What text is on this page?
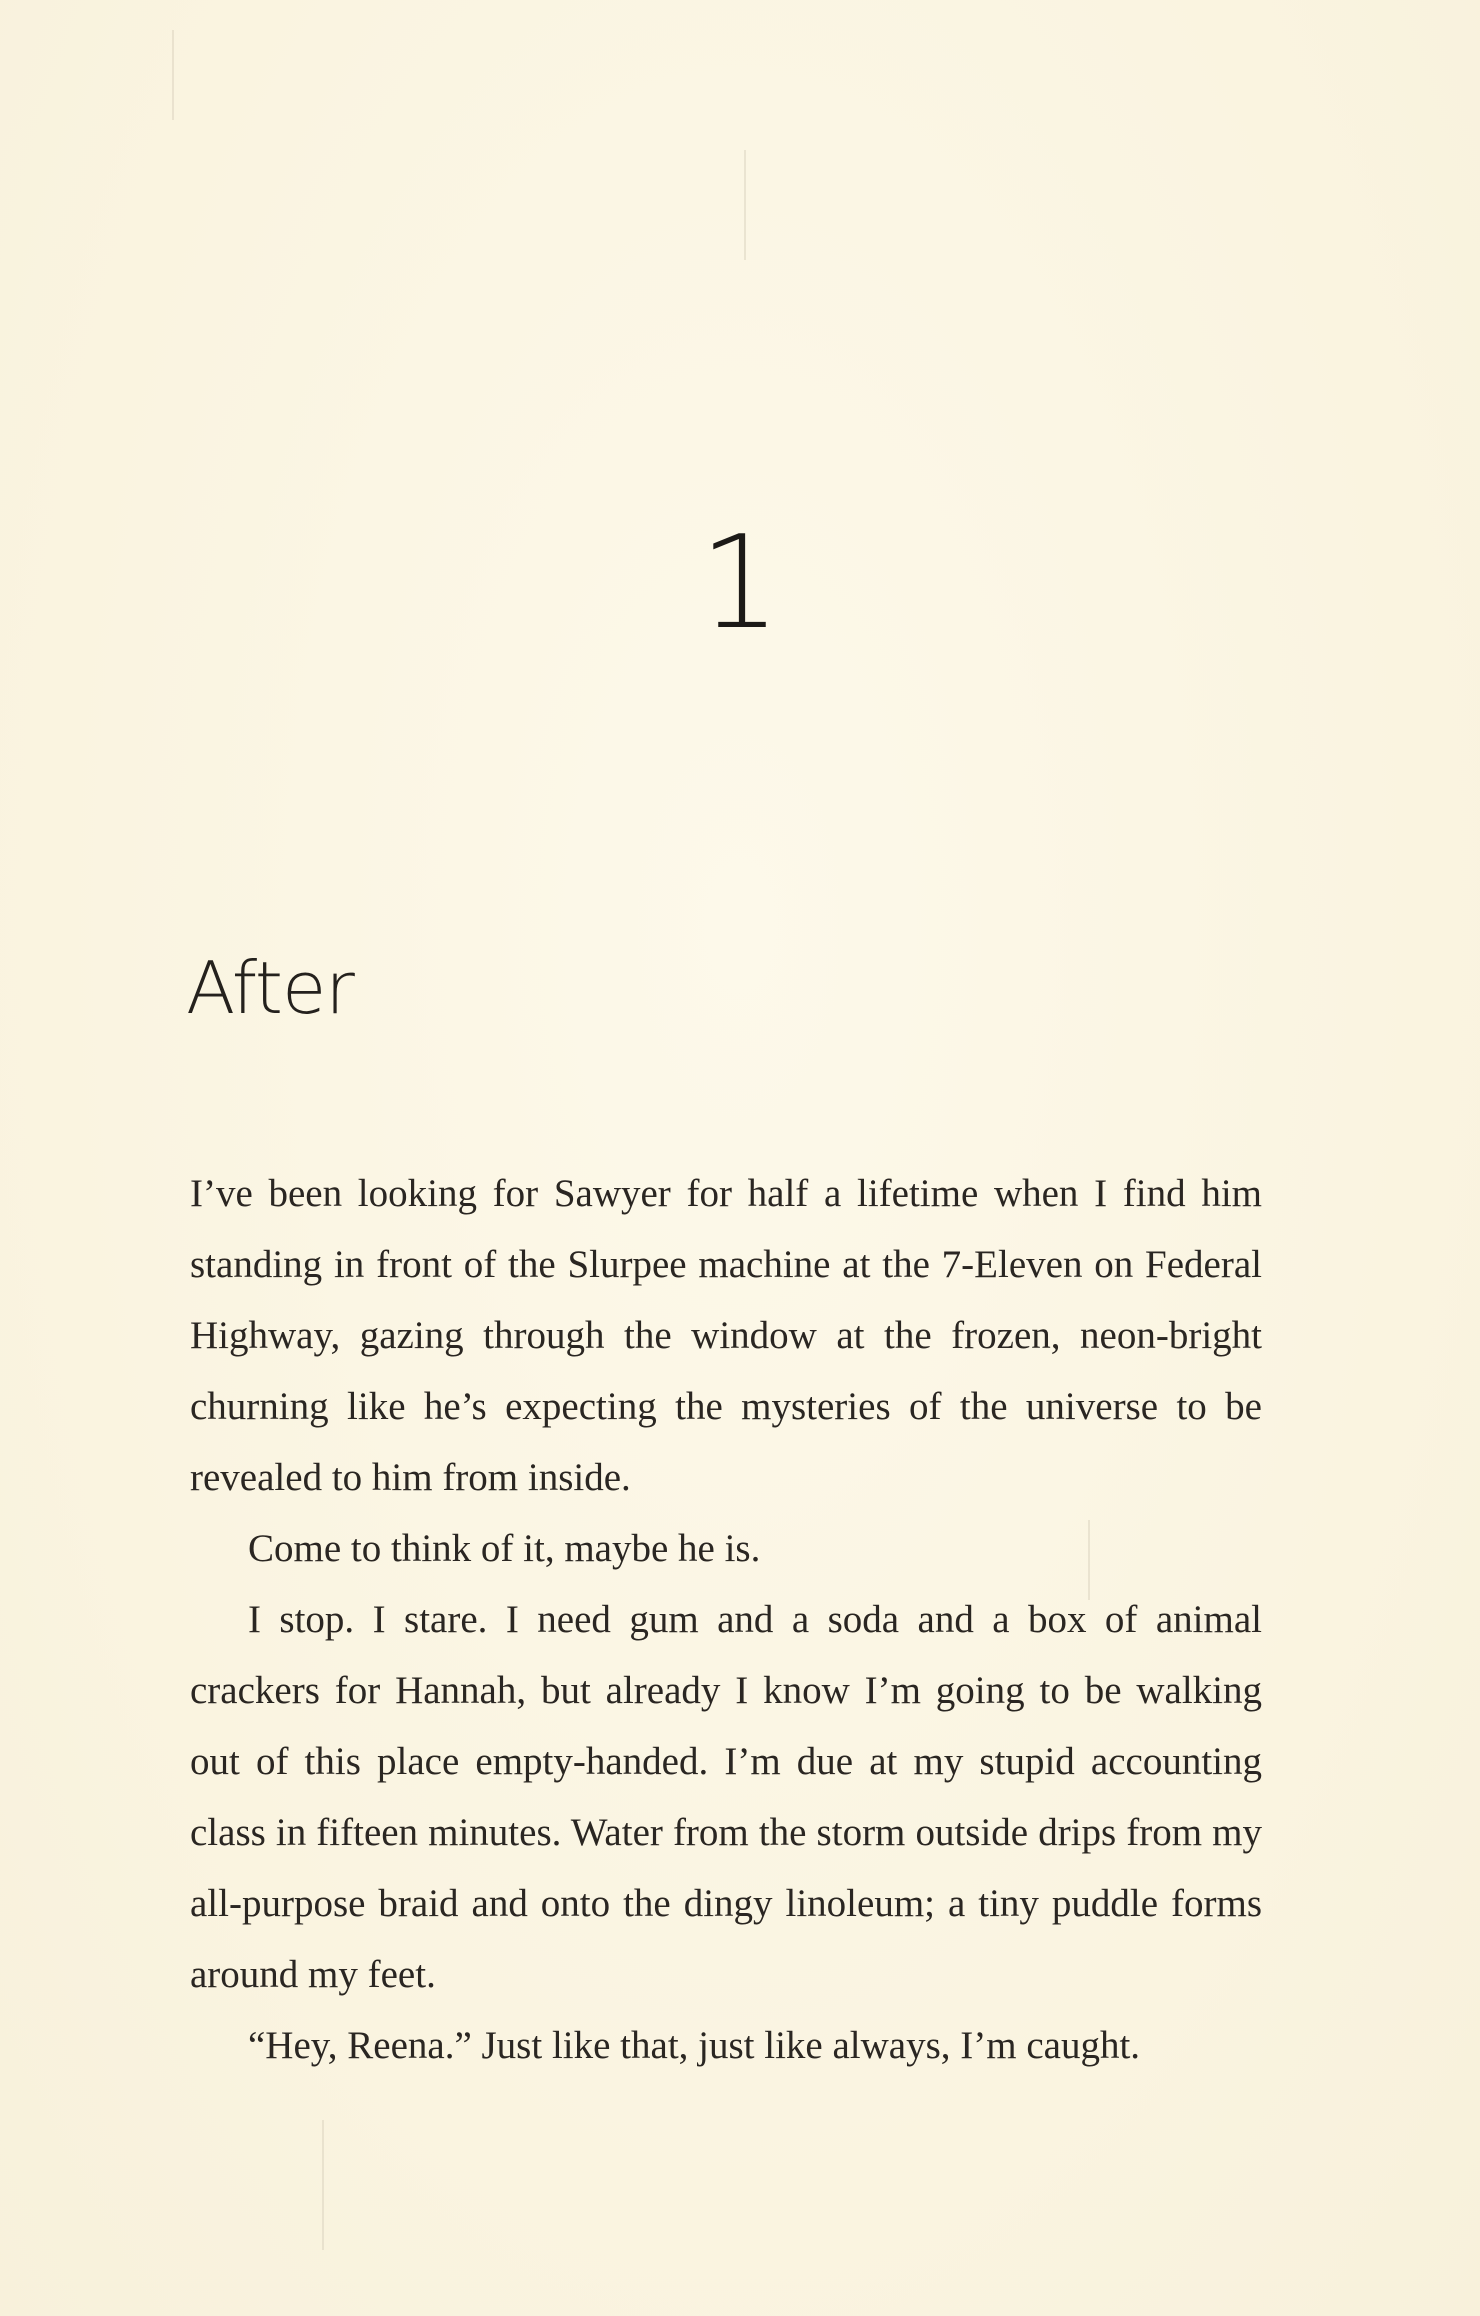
1
After

I’ve been looking for Sawyer for half a lifetime when I find him standing in front of the Slurpee machine at the 7-Eleven on Federal Highway, gazing through the window at the frozen, neon-bright churning like he’s expecting the mysteries of the universe to be revealed to him from inside.

Come to think of it, maybe he is.

I stop. I stare. I need gum and a soda and a box of animal crackers for Hannah, but already I know I’m going to be walking out of this place empty-handed. I’m due at my stupid accounting class in fifteen minutes. Water from the storm outside drips from my all-purpose braid and onto the dingy linoleum; a tiny puddle forms around my feet.

“Hey, Reena.” Just like that, just like always, I’m caught.
